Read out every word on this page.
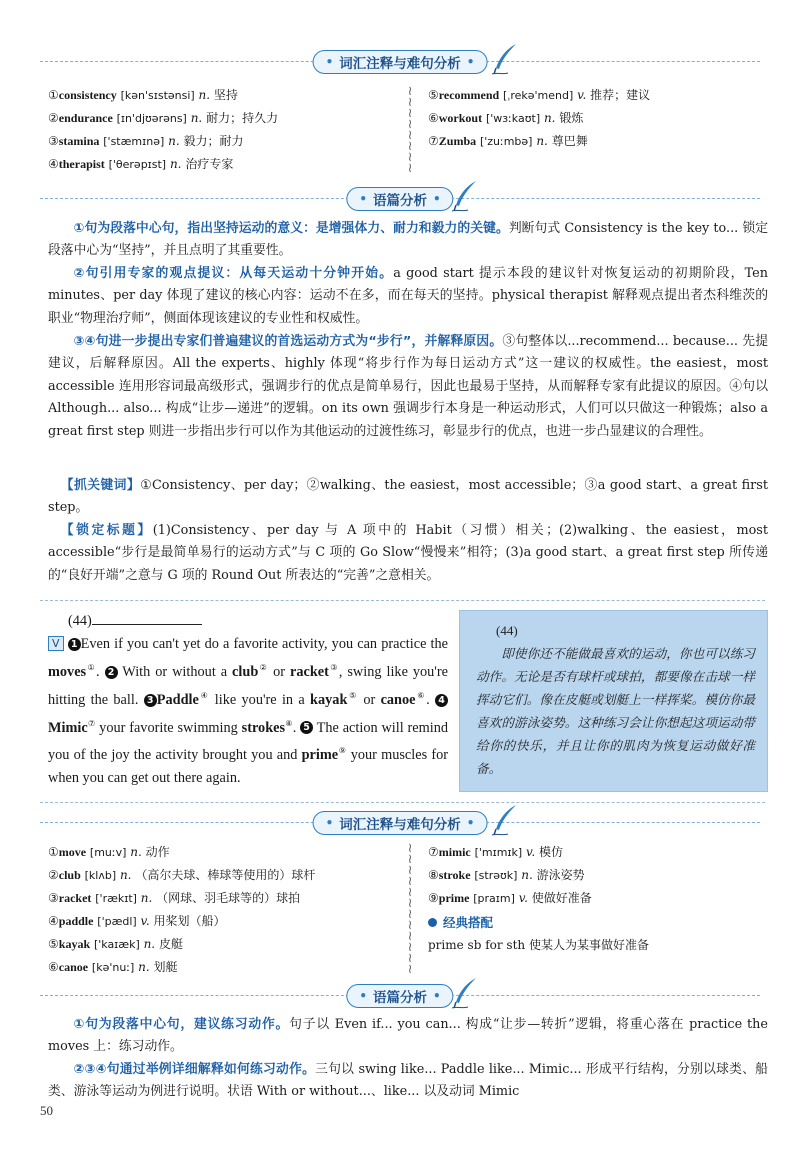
• 词汇注释与难句分析 •
①consistency [kən'sɪstənsi] n. 坚持
②endurance [ɪn'djʊərəns] n. 耐力；持久力
③stamina ['stæmɪnə] n. 毅力；耐力
④therapist ['θerəpɪst] n. 治疗专家
≀
≀
≀
≀
≀
≀
≀
≀
⑤recommend [ˌrekə'mend] v. 推荐；建议
⑥workout ['wɜːkaʊt] n. 锻炼
⑦Zumba ['zuːmbə] n. 尊巴舞
• 语篇分析 •
①句为段落中心句，指出坚持运动的意义：是增强体力、耐力和毅力的关键。判断句式 Consistency is the key to... 锁定段落中心为“坚持”，并且点明了其重要性。
②句引用专家的观点提议：从每天运动十分钟开始。a good start 提示本段的建议针对恢复运动的初期阶段，Ten minutes、per day 体现了建议的核心内容：运动不在多，而在每天的坚持。physical therapist 解释观点提出者杰科维茨的职业“物理治疗师”，侧面体现该建议的专业性和权威性。
③④句进一步提出专家们普遍建议的首选运动方式为“步行”，并解释原因。③句整体以...recommend... because... 先提建议，后解释原因。All the experts、highly 体现“将步行作为每日运动方式”这一建议的权威性。the easiest，most accessible 连用形容词最高级形式，强调步行的优点是简单易行，因此也最易于坚持，从而解释专家有此提议的原因。④句以 Although... also... 构成“让步—递进”的逻辑。on its own 强调步行本身是一种运动形式，人们可以只做这一种锻炼；also a great first step 则进一步指出步行可以作为其他运动的过渡性练习，彰显步行的优点，也进一步凸显建议的合理性。
【抓关键词】①Consistency、per day；②walking、the easiest，most accessible；③a good start、a great first step。
【锁定标题】(1)Consistency、per day 与 A 项中的 Habit（习惯）相关；(2)walking、the easiest，most accessible“步行是最简单易行的运动方式”与 C 项的 Go Slow“慢慢来”相符；(3)a good start、a great first step 所传递的“良好开端”之意与 G 项的 Round Out 所表达的“完善”之意相关。
(44)
V 1 Even if you can't yet do a favorite activity, you can practice the moves①. 2 With or without a club② or racket③, swing like you're hitting the ball. 3 Paddle④ like you're in a kayak⑤ or canoe⑥. 4 Mimic⑦ your favorite swimming strokes⑧. 5 The action will remind you of the joy the activity brought you and prime⑨ your muscles for when you can get out there again.
(44)
即使你还不能做最喜欢的运动，你也可以练习动作。无论是否有球杆或球拍，都要像在击球一样挥动它们。像在皮艇或划艇上一样挥桨。模仿你最喜欢的游泳姿势。这种练习会让你想起这项运动带给你的快乐，并且让你的肌肉为恢复运动做好准备。
• 词汇注释与难句分析 •
①move [muːv] n. 动作
②club [klʌb] n. （高尔夫球、棒球等使用的）球杆
③racket ['rækɪt] n. （网球、羽毛球等的）球拍
④paddle ['pædl] v. 用桨划（船）
⑤kayak ['kaɪæk] n. 皮艇
⑥canoe [kə'nuː] n. 划艇
≀
≀
≀
≀
≀
≀
≀
≀
≀
≀
≀
≀
⑦mimic ['mɪmɪk] v. 模仿
⑧stroke [strəʊk] n. 游泳姿势
⑨prime [praɪm] v. 使做好准备
经典搭配
prime sb for sth 使某人为某事做好准备
• 语篇分析 •
①句为段落中心句，建议练习动作。句子以 Even if... you can... 构成“让步—转折”逻辑，将重心落在 practice the moves 上：练习动作。
②③④句通过举例详细解释如何练习动作。三句以 swing like... Paddle like... Mimic... 形成平行结构，分别以球类、船类、游泳等运动为例进行说明。状语 With or without...、like... 以及动词 Mimic
50
